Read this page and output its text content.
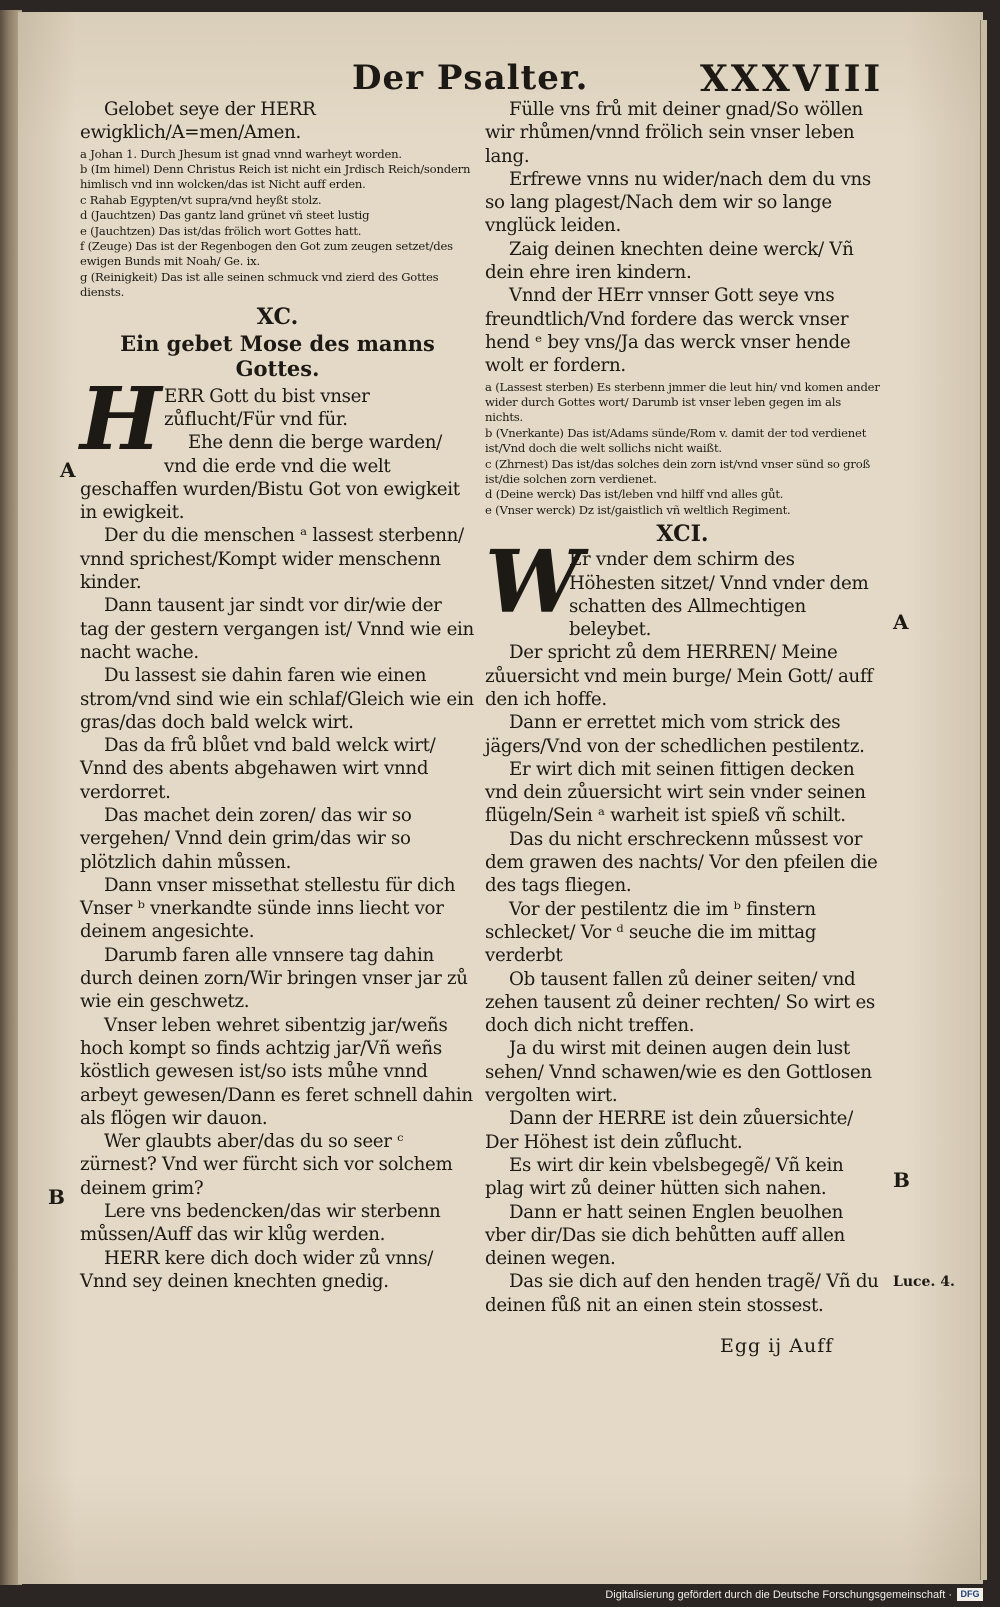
Der Psalter.	XXXVIII

Gelobet seye der HERR ewigklich/A=men/Amen.

a Johan 1. Durch Jhesum ist gnad vnnd warheyt worden.

b (Im himel) Denn Christus Reich ist nicht ein Jrdisch Reich/sondern himlisch vnd inn wolcken/das ist Nicht auff erden.

c Rahab Egypten/vt supra/vnd heyßt stolz.

d (Jauchtzen) Das gantz land grünet vñ steet lustig

e (Jauchtzen) Das ist/das frölich wort Gottes hatt.

f (Zeuge) Das ist der Regenbogen den Got zum zeugen setzet/des ewigen Bunds mit Noah/ Ge. ix.

g (Reinigkeit) Das ist alle seinen schmuck vnd zierd des Gottes diensts.

XC.

Ein gebet Mose des manns

Gottes.

H ERR Gott du bist vnser zůflucht/Für vnd für.

Ehe denn die berge warden/ vnd die erde vnd die welt geschaffen wurden/Bistu Got von ewigkeit in ewigkeit.

Der du die menschen ᵃ lassest sterbenn/ vnnd sprichest/Kompt wider menschenn kinder.

Dann tausent jar sindt vor dir/wie der tag der gestern vergangen ist/ Vnnd wie ein nacht wache.

Du lassest sie dahin faren wie einen strom/vnd sind wie ein schlaf/Gleich wie ein gras/das doch bald welck wirt.

Das da frů blůet vnd bald welck wirt/ Vnnd des abents abgehawen wirt vnnd verdorret.

Das machet dein zoren/ das wir so vergehen/ Vnnd dein grim/das wir so plötzlich dahin můssen.

Dann vnser missethat stellestu für dich Vnser ᵇ vnerkandte sünde inns liecht vor deinem angesichte.

Darumb faren alle vnnsere tag dahin durch deinen zorn/Wir bringen vnser jar zů wie ein geschwetz.

Vnser leben wehret sibentzig jar/weñs hoch kompt so finds achtzig jar/Vñ weñs köstlich gewesen ist/so ists můhe vnnd arbeyt gewesen/Dann es feret schnell dahin als flögen wir dauon.

Wer glaubts aber/das du so seer ᶜ zürnest? Vnd wer fürcht sich vor solchem deinem grim?

Lere vns bedencken/das wir sterbenn můssen/Auff das wir klůg werden.

HERR kere dich doch wider zů vnns/ Vnnd sey deinen knechten gnedig.

Fülle vns frů mit deiner gnad/So wöllen wir rhůmen/vnnd frölich sein vnser leben lang.

Erfrewe vnns nu wider/nach dem du vns so lang plagest/Nach dem wir so lange vnglück leiden.

Zaig deinen knechten deine werck/ Vñ dein ehre iren kindern.

Vnnd der HErr vnnser Gott seye vns freundtlich/Vnd fordere das werck vnser hend ᵉ bey vns/Ja das werck vnser hende wolt er fordern.

a (Lassest sterben) Es sterbenn jmmer die leut hin/ vnd komen ander wider durch Gottes wort/ Darumb ist vnser leben gegen im als nichts.

b (Vnerkante) Das ist/Adams sünde/Rom v. damit der tod verdienet ist/Vnd doch die welt sollichs nicht waißt.

c (Zhrnest) Das ist/das solches dein zorn ist/vnd vnser sünd so groß ist/die solchen zorn verdienet.

d (Deine werck) Das ist/leben vnd hilff vnd alles gůt.

e (Vnser werck) Dz ist/gaistlich vñ weltlich Regiment.

XCI.

W
Er vnder dem schirm des Höhesten sitzet/ Vnnd vnder dem schatten des Allmechtigen beleybet.

Der spricht zů dem HERREN/ Meine zůuersicht vnd mein burge/ Mein Gott/ auff den ich hoffe.

Dann er errettet mich vom strick des jägers/Vnd von der schedlichen pestilentz.

Er wirt dich mit seinen fittigen decken vnd dein zůuersicht wirt sein vnder seinen flügeln/Sein ᵃ warheit ist spieß vñ schilt.

Das du nicht erschreckenn můssest vor dem grawen des nachts/ Vor den pfeilen die des tags fliegen.

Vor der pestilentz die im ᵇ finstern schlecket/ Vor ᵈ seuche die im mittag verderbt

Ob tausent fallen zů deiner seiten/ vnd zehen tausent zů deiner rechten/ So wirt es doch dich nicht treffen.

Ja du wirst mit deinen augen dein lust sehen/ Vnnd schawen/wie es den Gottlosen vergolten wirt.

Dann der HERRE ist dein zůuersichte/ Der Höhest ist dein zůflucht.

Es wirt dir kein vbelsbegegẽ/ Vñ kein plag wirt zů deiner hütten sich nahen.

Dann er hatt seinen Englen beuolhen vber dir/Das sie dich behůtten auff allen deinen wegen.

Das sie dich auf den henden tragẽ/ Vñ du deinen fůß nit an einen stein stossest.

Egg ij Auff
A
B
A
B
Luce. 4.
Digitalisierung gefördert durch die Deutsche Forschungsgemeinschaft · DFG
